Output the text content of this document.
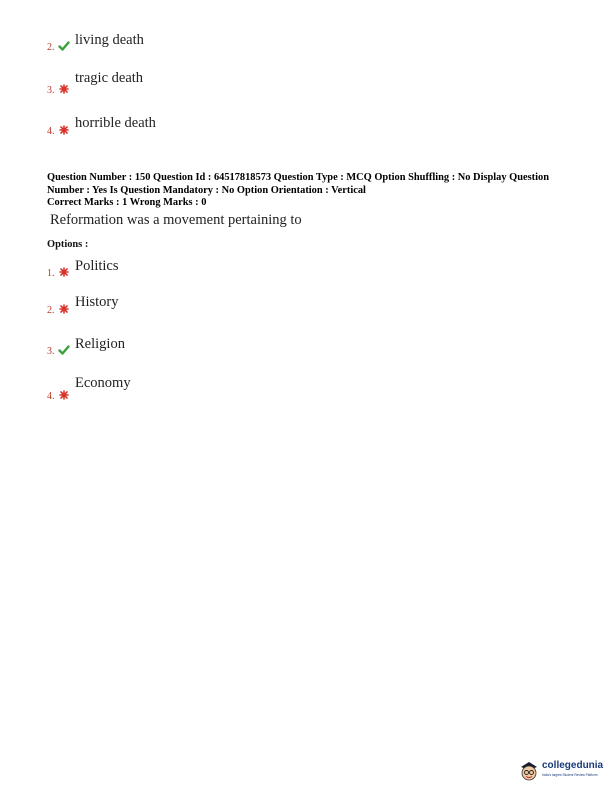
2. living death
3.
tragic death
4.
horrible death
Question Number : 150 Question Id : 64517818573 Question Type : MCQ Option Shuffling : No Display Question
Number : Yes Is Question Mandatory : No Option Orientation : Vertical
Correct Marks : 1 Wrong Marks : 0
Reformation was a movement pertaining to
Options :
1. Politics
2.
History
3. Religion
4.
Economy
collegedunia
India's largest Student Review Platform
